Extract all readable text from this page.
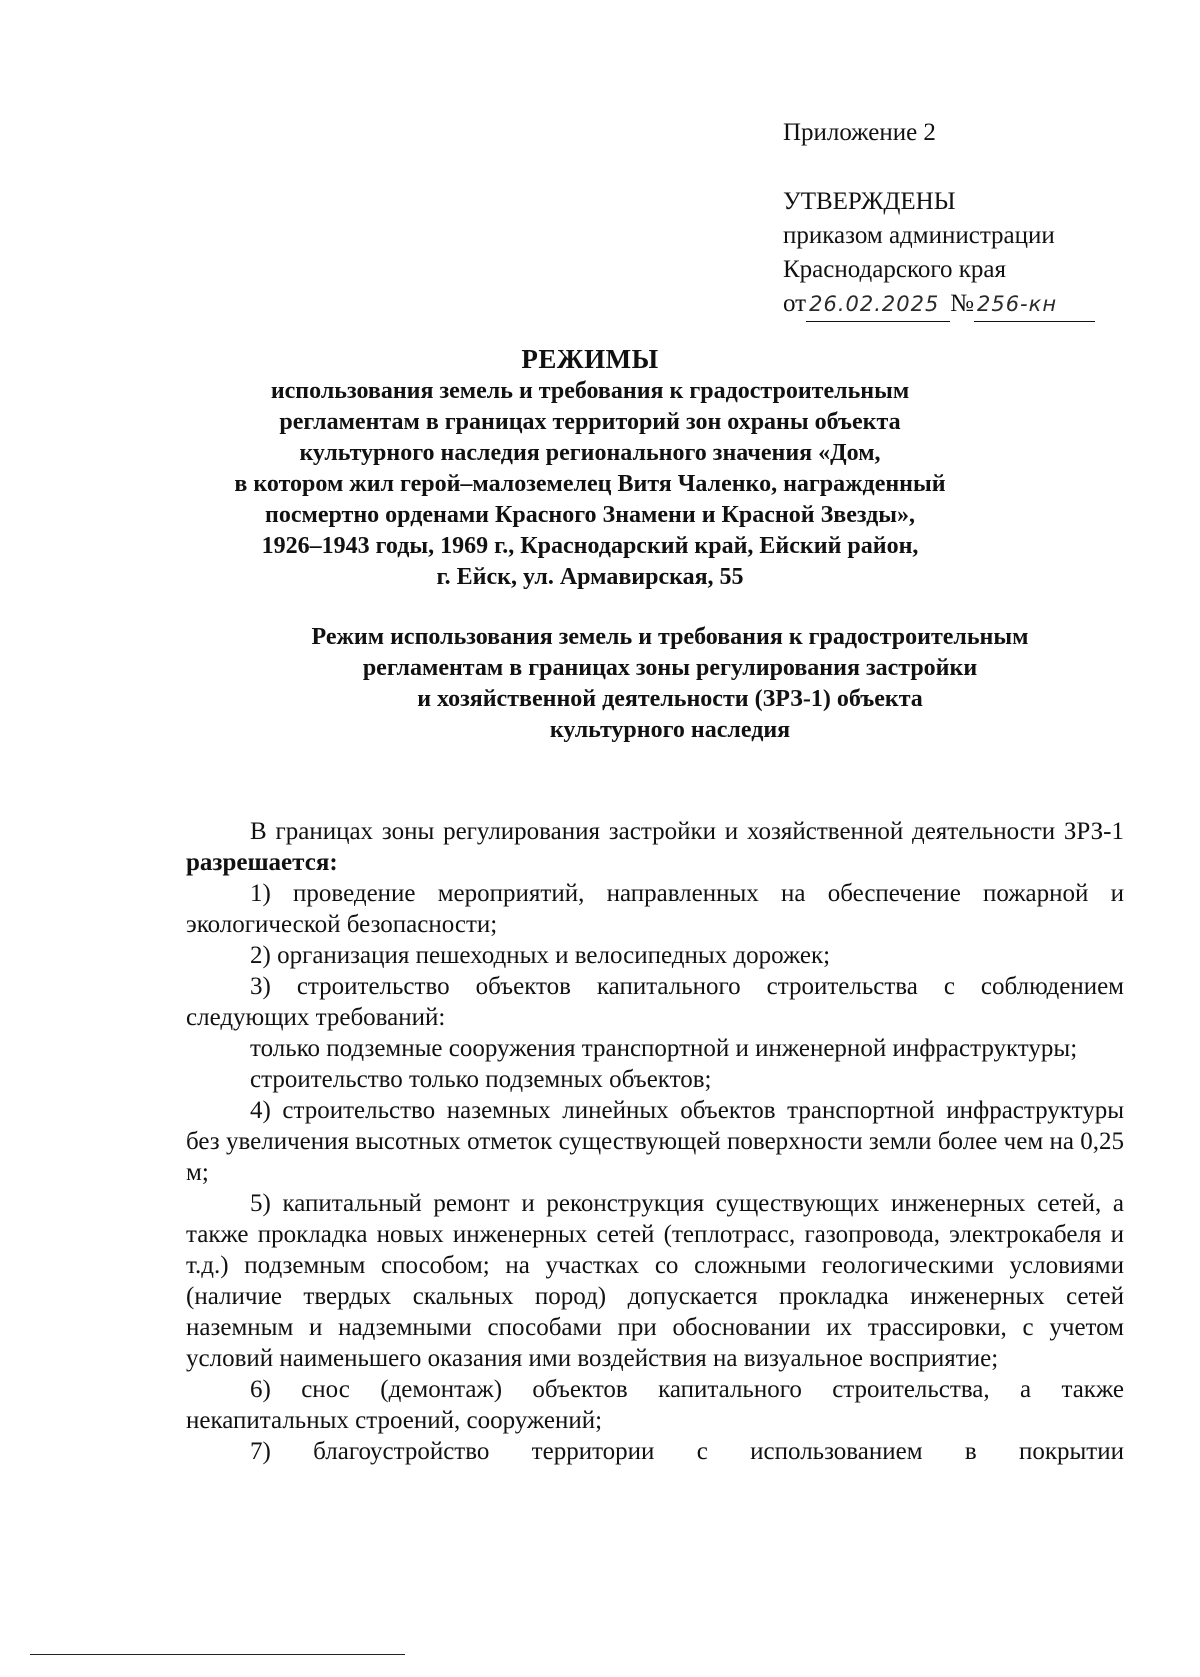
Приложение 2
УТВЕРЖДЕНЫ
приказом администрации
Краснодарского края
от 26.02.2025 № 256-кн
РЕЖИМЫ
использования земель и требования к градостроительным
регламентам в границах территорий зон охраны объекта
культурного наследия регионального значения «Дом,
в котором жил герой–малоземелец Витя Чаленко, награжденный
посмертно орденами Красного Знамени и Красной Звезды»,
1926–1943 годы, 1969 г., Краснодарский край, Ейский район,
г. Ейск, ул. Армавирская, 55
Режим использования земель и требования к градостроительным
регламентам в границах зоны регулирования застройки
и хозяйственной деятельности (ЗРЗ-1) объекта
культурного наследия

В границах зоны регулирования застройки и хозяйственной деятельности ЗРЗ-1 разрешается:

1) проведение мероприятий, направленных на обеспечение пожарной и экологической безопасности;

2) организация пешеходных и велосипедных дорожек;

3) строительство объектов капитального строительства с соблюдением следующих требований:

только подземные сооружения транспортной и инженерной инфраструктуры;

строительство только подземных объектов;

4) строительство наземных линейных объектов транспортной инфраструктуры без увеличения высотных отметок существующей поверхности земли более чем на 0,25 м;

5) капитальный ремонт и реконструкция существующих инженерных сетей, а также прокладка новых инженерных сетей (теплотрасс, газопровода, электрокабеля и т.д.) подземным способом; на участках со сложными геологическими условиями (наличие твердых скальных пород) допускается прокладка инженерных сетей наземным и надземными способами при обосновании их трассировки, с учетом условий наименьшего оказания ими воздействия на визуальное восприятие;

6) снос (демонтаж) объектов капитального строительства, а также некапитальных строений, сооружений;

7) благоустройство территории с использованием в покрытии
